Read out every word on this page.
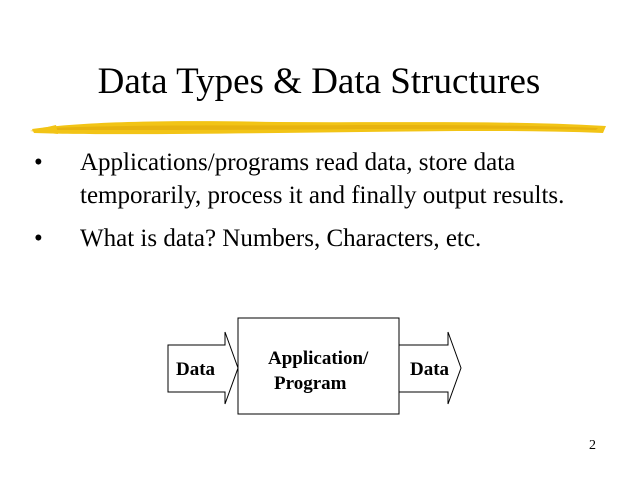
Data Types & Data Structures
• Applications/programs read data, store data temporarily, process it and finally output results.
• What is data? Numbers, Characters, etc.
Data
Application/
Program
Data
2
